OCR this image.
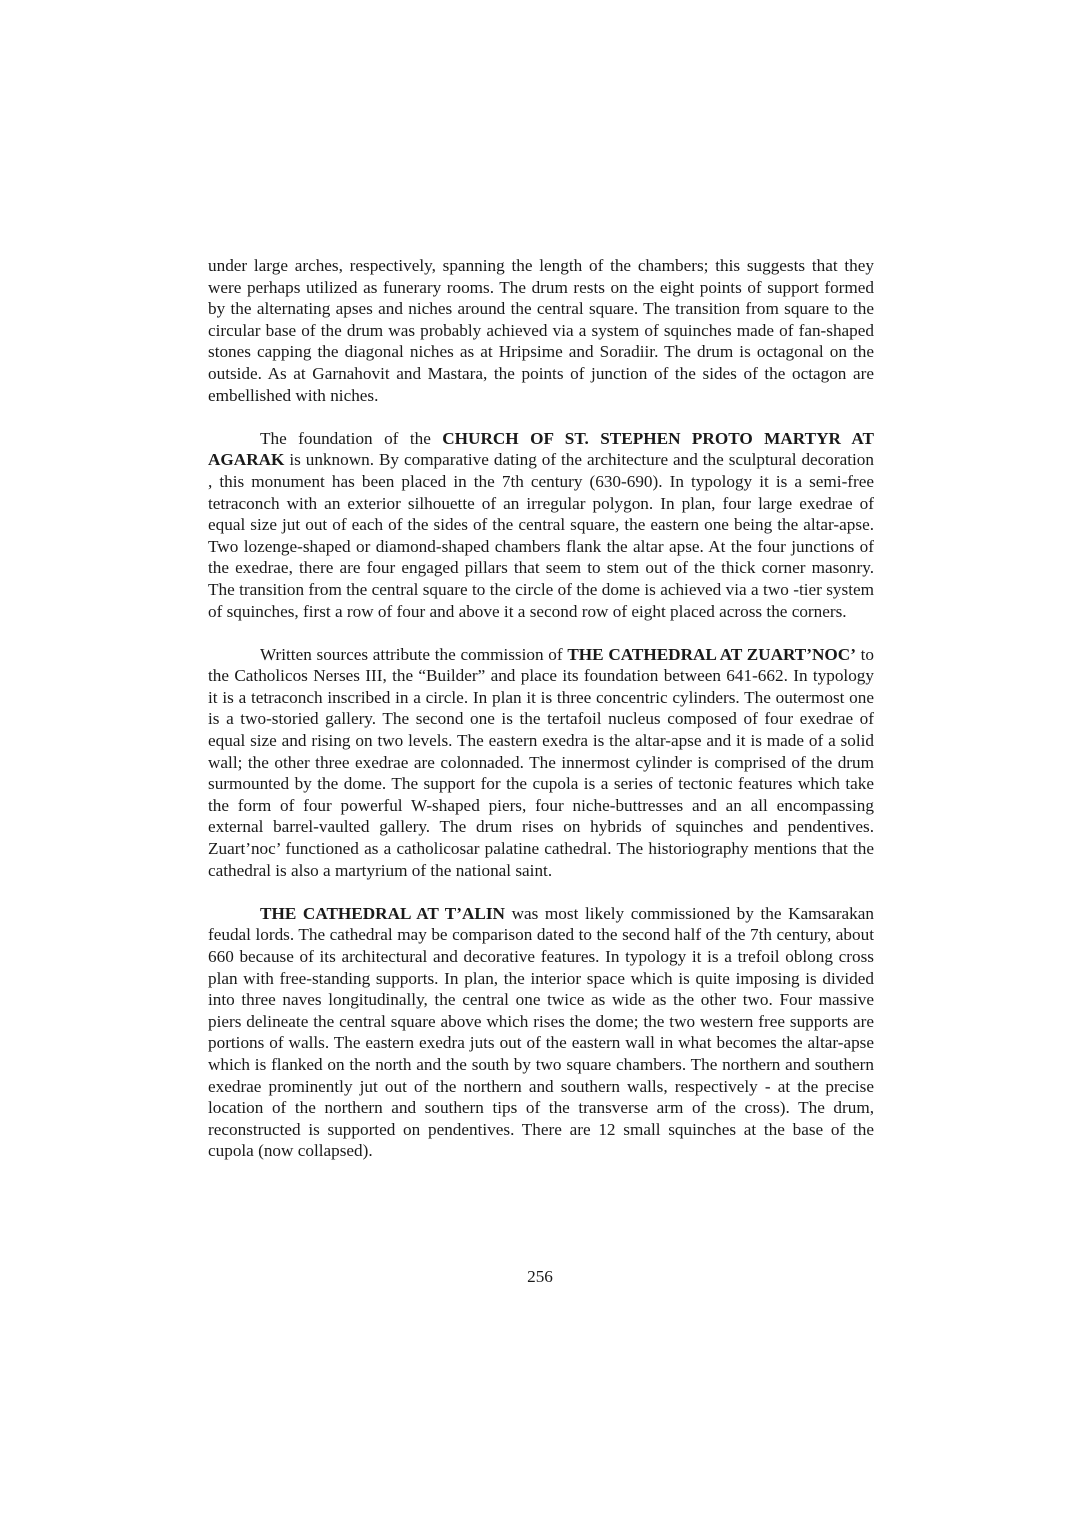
under large arches, respectively, spanning the length of the chambers; this suggests that they were perhaps utilized as funerary rooms. The drum rests on the eight points of support formed by the alternating apses and niches around the central square. The transition from square to the circular base of the drum was probably achieved via a system of squinches made of fan-shaped stones capping the diagonal niches as at Hripsime and Soradiir. The drum is octagonal on the outside. As at Garnahovit and Mastara, the points of junction of the sides of the octagon are embellished with niches.

The foundation of the CHURCH OF ST. STEPHEN PROTO MARTYR AT AGARAK is unknown. By comparative dating of the architecture and the sculptural decoration , this monument has been placed in the 7th century (630-690). In typology it is a semi-free tetraconch with an exterior silhouette of an irregular polygon. In plan, four large exedrae of equal size jut out of each of the sides of the central square, the eastern one being the altar-apse. Two lozenge-shaped or diamond-shaped chambers flank the altar apse. At the four junctions of the exedrae, there are four engaged pillars that seem to stem out of the thick corner masonry. The transition from the central square to the circle of the dome is achieved via a two -tier system of squinches, first a row of four and above it a second row of eight placed across the corners.

Written sources attribute the commission of THE CATHEDRAL AT ZUART’NOC’ to the Catholicos Nerses III, the “Builder” and place its foundation between 641-662. In typology it is a tetraconch inscribed in a circle. In plan it is three concentric cylinders. The outermost one is a two-storied gallery. The second one is the tertafoil nucleus composed of four exedrae of equal size and rising on two levels. The eastern exedra is the altar-apse and it is made of a solid wall; the other three exedrae are colonnaded. The innermost cylinder is comprised of the drum surmounted by the dome. The support for the cupola is a series of tectonic features which take the form of four powerful W-shaped piers, four niche-buttresses and an all encompassing external barrel-vaulted gallery. The drum rises on hybrids of squinches and pendentives. Zuart’noc’ functioned as a catholicosar palatine cathedral. The historiography mentions that the cathedral is also a martyrium of the national saint.

THE CATHEDRAL AT T’ALIN was most likely commissioned by the Kamsarakan feudal lords. The cathedral may be comparison dated to the second half of the 7th century, about 660 because of its architectural and decorative features. In typology it is a trefoil oblong cross plan with free-standing supports. In plan, the interior space which is quite imposing is divided into three naves longitudinally, the central one twice as wide as the other two. Four massive piers delineate the central square above which rises the dome; the two western free supports are portions of walls. The eastern exedra juts out of the eastern wall in what becomes the altar-apse which is flanked on the north and the south by two square chambers. The northern and southern exedrae prominently jut out of the northern and southern walls, respectively - at the precise location of the northern and southern tips of the transverse arm of the cross). The drum, reconstructed is supported on pendentives. There are 12 small squinches at the base of the cupola (now collapsed).

256
